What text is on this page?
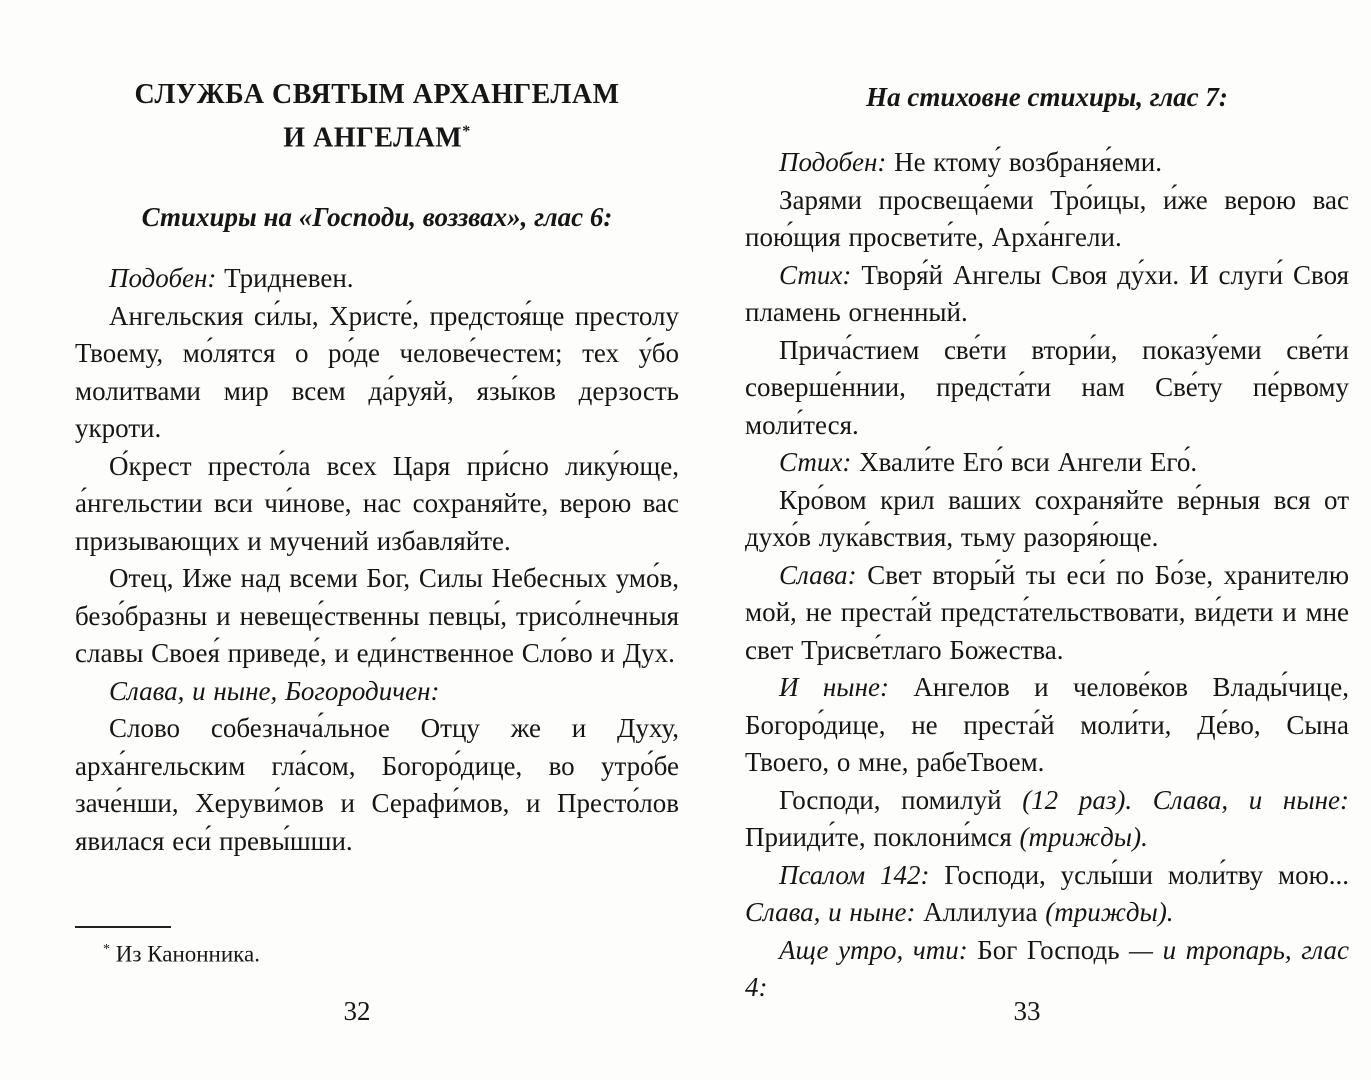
СЛУЖБА СВЯТЫМ АРХАНГЕЛАМ
И АНГЕЛАМ*
Стихиры на «Господи, воззвах», глас 6:

Подобен: Тридневен.

Ангельския си́лы, Христе́, предстоя́ще престолу Твоему, мо́лятся о ро́де челове́честем; тех у́бо молитвами мир всем да́руяй, язы́ков дерзость укроти.

О́крест престо́ла всех Царя при́сно лику́юще, а́нгельстии вси чи́нове, нас сохраняйте, верою вас призывающих и мучений избавляйте.

Отец, Иже над всеми Бог, Силы Небесных умо́в, безо́бразны и невеще́ственны певцы́, трисо́лнечныя славы Своея́ приведе́, и еди́нственное Сло́во и Дух.

Слава, и ныне, Богородичен:

Слово собезнача́льное Отцу же и Духу, арха́нгельским гла́сом, Богоро́дице, во утро́бе заче́нши, Херуви́мов и Серафи́мов, и Престо́лов явилася еси́ превы́шши.

* Из Канонника.

32
На стиховне стихиры, глас 7:

Подобен: Не ктому́ возбраня́еми.

Зарями просвеща́еми Тро́ицы, и́же верою вас пою́щия просвети́те, Арха́нгели.

Стих: Творя́й Ангелы Своя ду́хи. И слуги́ Своя пламень огненный.

Прича́стием све́ти втори́и, показу́еми све́ти соверше́ннии, предста́ти нам Све́ту пе́рвому моли́теся.

Стих: Хвали́те Его́ вси Ангели Его́.

Кро́вом крил ваших сохраняйте ве́рныя вся от духо́в лука́вствия, тьму разоря́юще.

Слава: Свет вторы́й ты еси́ по Бо́зе, хранителю мой, не преста́й предста́тельствовати, ви́дети и мне свет Трисве́тлаго Божества.

И ныне: Ангелов и челове́ков Влады́чице, Богоро́дице, не преста́й моли́ти, Де́во, Сына Твоего, о мне, рабеТвоем.

Господи, помилуй (12 раз). Слава, и ныне: Прииди́те, поклони́мся (трижды).

Псалом 142: Господи, услы́ши моли́тву мою... Слава, и ныне: Аллилуиа (трижды).

Аще утро, чти: Бог Господь — и тропарь, глас 4:

33
